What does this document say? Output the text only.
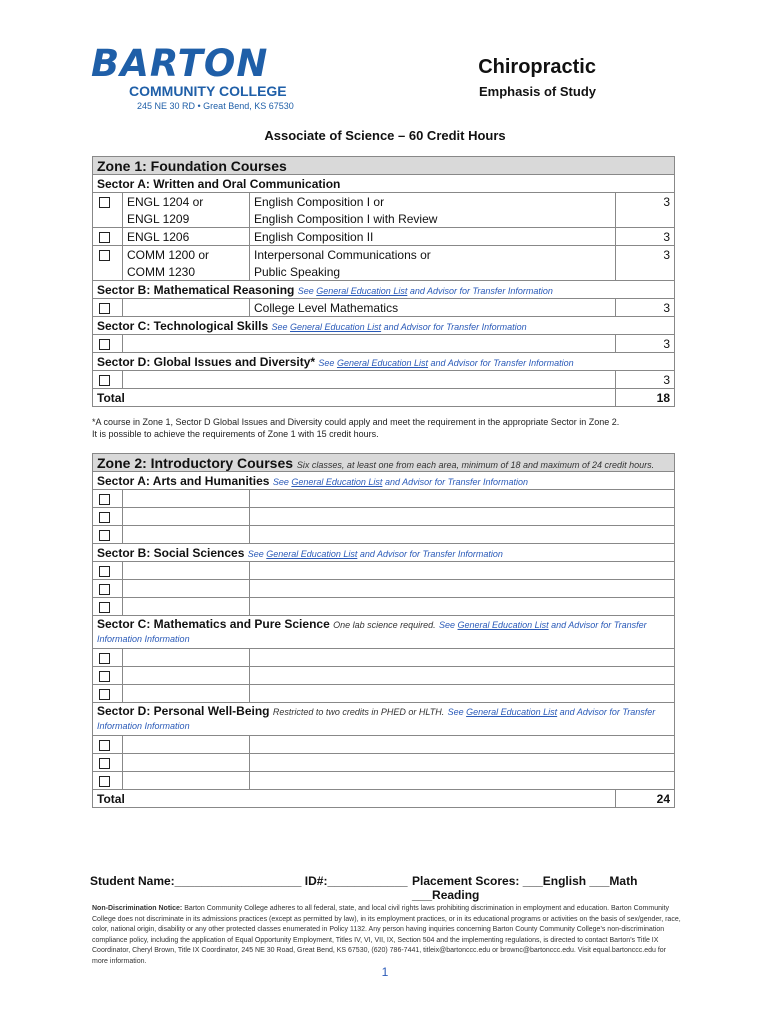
BARTON
COMMUNITY COLLEGE
245 NE 30 RD • Great Bend, KS 67530
Chiropractic
Emphasis of Study
Associate of Science – 60 Credit Hours
Zone 1: Foundation Courses			
Sector A: Written and Oral Communication			
	ENGL 1204 or	English Composition I or	3
	ENGL 1209	English Composition I with Review	
	ENGL 1206	English Composition II	3
	COMM 1200 or	Interpersonal Communications or	3
	COMM 1230	Public Speaking	
Sector B: Mathematical Reasoning See General Education List and Advisor for Transfer Information			
		College Level Mathematics	3
Sector C: Technological Skills See General Education List and Advisor for Transfer Information			
			3
Sector D: Global Issues and Diversity* See General Education List and Advisor for Transfer Information			
			3
Total			18
*A course in Zone 1, Sector D Global Issues and Diversity could apply and meet the requirement in the appropriate Sector in Zone 2.
It is possible to achieve the requirements of Zone 1 with 15 credit hours.
Zone 2: Introductory Courses Six classes, at least one from each area, minimum of 18 and maximum of 24 credit hours.			
Sector A: Arts and Humanities See General Education List and Advisor for Transfer Information			

Sector B: Social Sciences See General Education List and Advisor for Transfer Information			

Sector C: Mathematics and Pure Science One lab science required. See General Education List and Advisor for Transfer Information Information			

Sector D: Personal Well-Being Restricted to two credits in PHED or HLTH. See General Education List and Advisor for Transfer Information Information			

Total			24
Student Name:___________________ ID#:____________ Placement Scores: ___English ___Math ___Reading
Non-Discrimination Notice: Barton Community College adheres to all federal, state, and local civil rights laws prohibiting discrimination in employment and education. Barton Community College does not discriminate in its admissions practices (except as permitted by law), in its employment practices, or in its educational programs or activities on the basis of sex/gender, race, color, national origin, disability or any other protected classes enumerated in Policy 1132. Any person having inquiries concerning Barton County Community College’s non-discrimination compliance policy, including the application of Equal Opportunity Employment, Titles IV, VI, VII, IX, Section 504 and the implementing regulations, is directed to contact Barton’s Title IX Coordinator, Cheryl Brown, Title IX Coordinator, 245 NE 30 Road, Great Bend, KS 67530, (620) 786-7441, titleix@bartonccc.edu or brownc@bartonccc.edu. Visit equal.bartonccc.edu for more information.
1
